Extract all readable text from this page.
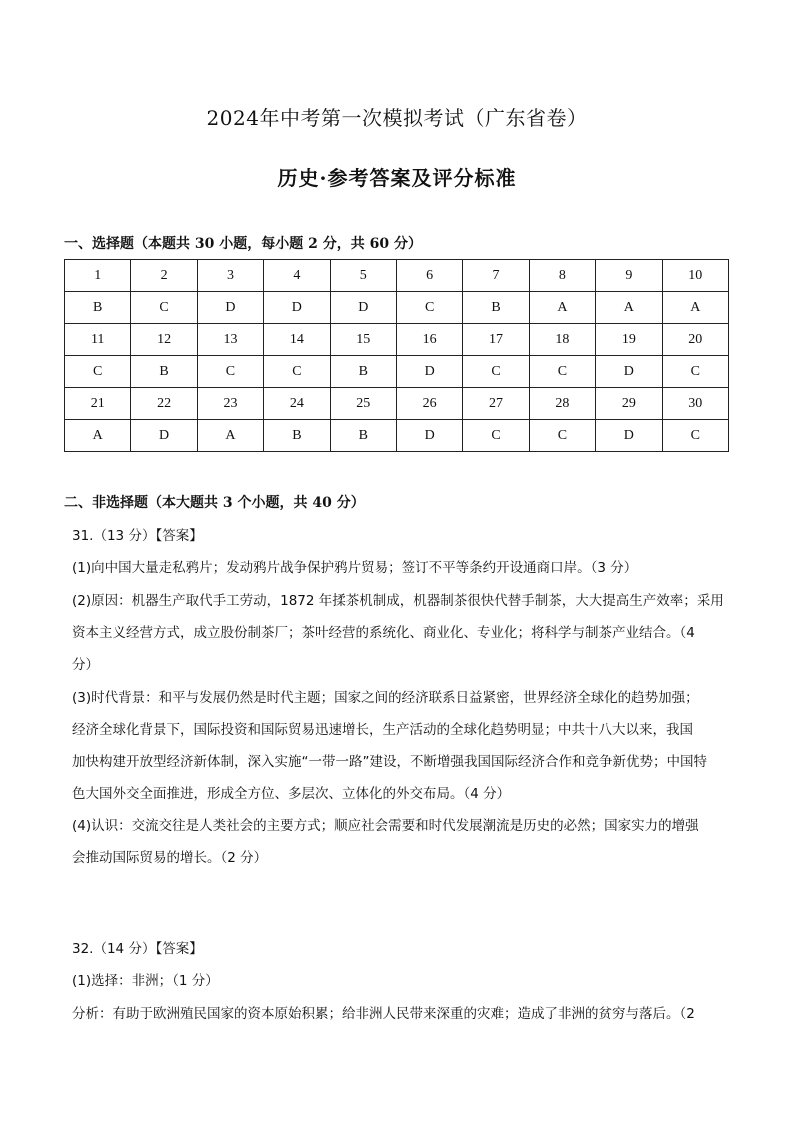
2024年中考第一次模拟考试（广东省卷）
历史·参考答案及评分标准
一、选择题（本题共 30 小题，每小题 2 分，共 60 分）
1	2	3	4	5	6	7	8	9	10
B	C	D	D	D	C	B	A	A	A
11	12	13	14	15	16	17	18	19	20
C	B	C	C	B	D	C	C	D	C
21	22	23	24	25	26	27	28	29	30
A	D	A	B	B	D	C	C	D	C
二、非选择题（本大题共 3 个小题，共 40 分）
31.（13 分）【答案】
(1)向中国大量走私鸦片；发动鸦片战争保护鸦片贸易；签订不平等条约开设通商口岸。（3 分）
(2)原因：机器生产取代手工劳动，1872 年揉茶机制成，机器制茶很快代替手制茶，大大提高生产效率；采用
资本主义经营方式，成立股份制茶厂；茶叶经营的系统化、商业化、专业化；将科学与制茶产业结合。（4
分）
(3)时代背景：和平与发展仍然是时代主题；国家之间的经济联系日益紧密，世界经济全球化的趋势加强；
经济全球化背景下，国际投资和国际贸易迅速增长，生产活动的全球化趋势明显；中共十八大以来，我国
加快构建开放型经济新体制，深入实施“一带一路”建设，不断增强我国国际经济合作和竞争新优势；中国特
色大国外交全面推进，形成全方位、多层次、立体化的外交布局。（4 分）
(4)认识：交流交往是人类社会的主要方式；顺应社会需要和时代发展潮流是历史的必然；国家实力的增强
会推动国际贸易的增长。（2 分）
32.（14 分）【答案】
(1)选择：非洲；（1 分）
分析：有助于欧洲殖民国家的资本原始积累；给非洲人民带来深重的灾难；造成了非洲的贫穷与落后。（2
